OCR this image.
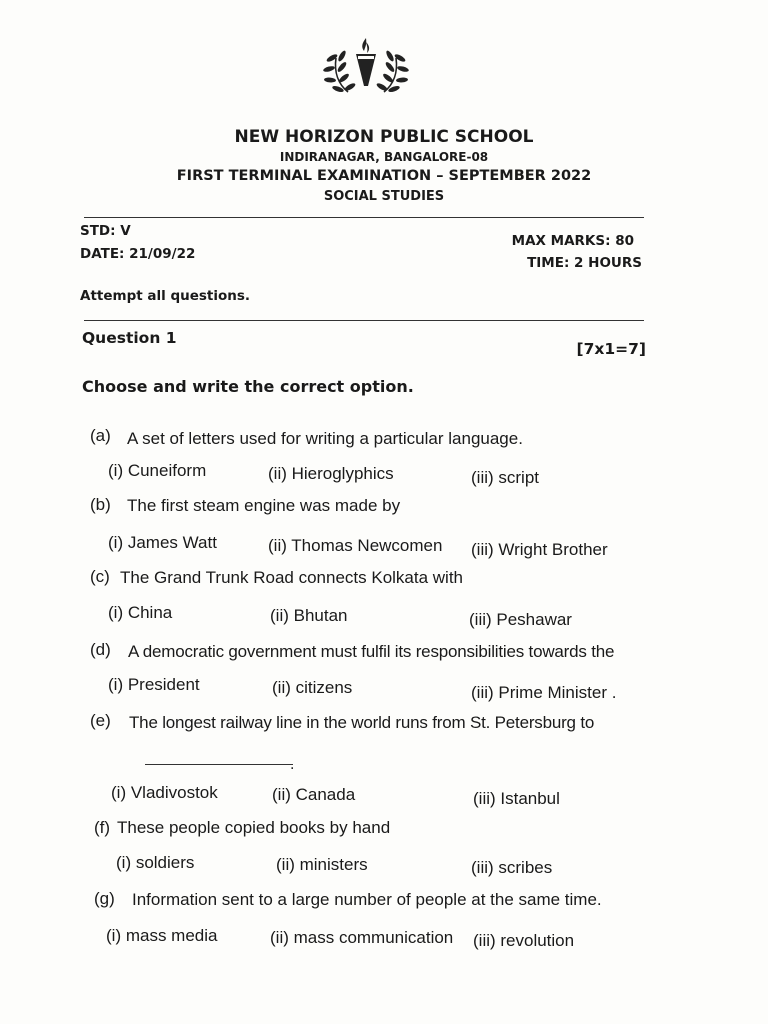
NEW HORIZON PUBLIC SCHOOL
INDIRANAGAR, BANGALORE-08
FIRST TERMINAL EXAMINATION – SEPTEMBER 2022
SOCIAL STUDIES
STD: V
DATE: 21/09/22
MAX MARKS: 80
TIME: 2 HOURS
Attempt all questions.
Question 1
[7x1=7]
Choose and write the correct option.
(a) A set of letters used for writing a particular language.
(i) Cuneiform	(ii) Hieroglyphics	(iii) script
(b) The first steam engine was made by
(i) James Watt	(ii) Thomas Newcomen (iii) Wright Brother
(c) The Grand Trunk Road connects Kolkata with
(i) China	(ii) Bhutan	(iii) Peshawar
(d) A democratic government must fulfil its responsibilities towards the
(i) President	(ii) citizens	(iii) Prime Minister .
(e) The longest railway line in the world runs from St. Petersburg to
.
(i) Vladivostok	(ii) Canada	(iii) Istanbul
(f) These people copied books by hand
(i) soldiers	(ii) ministers	(iii) scribes
(g) Information sent to a large number of people at the same time.
(i) mass media	(ii) mass communication (iii) revolution
